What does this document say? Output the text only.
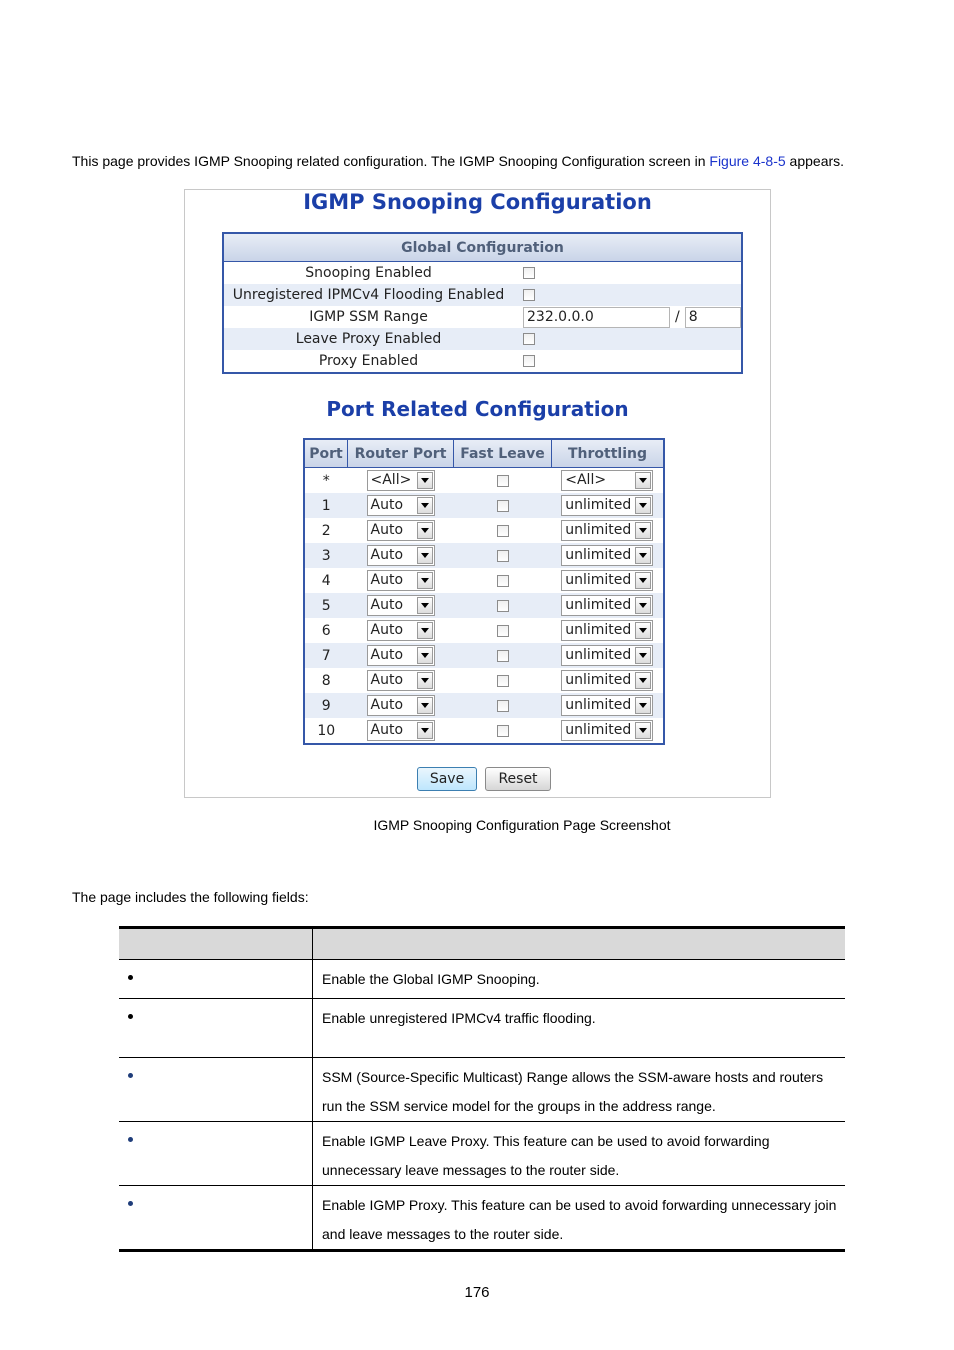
This page provides IGMP Snooping related configuration. The IGMP Snooping Configuration screen in Figure 4-8-5 appears.
IGMP Snooping Configuration
Global Configuration	
Snooping Enabled	
Unregistered IPMCv4 Flooding Enabled	
IGMP SSM Range	232.0.0.0 / 8
Leave Proxy Enabled	
Proxy Enabled	
Port Related Configuration
Port	Router Port	Fast Leave	Throttling
*	<All>		<All>

1	Auto		unlimited

2	Auto		unlimited

3	Auto		unlimited

4	Auto		unlimited

5	Auto		unlimited

6	Auto		unlimited

7	Auto		unlimited

8	Auto		unlimited

9	Auto		unlimited

10	Auto		unlimited
Save	Reset
IGMP Snooping Configuration Page Screenshot
The page includes the following fields:

	Enable the Global IGMP Snooping.
	Enable unregistered IPMCv4 traffic flooding.
	SSM (Source-Specific Multicast) Range allows the SSM-aware hosts and routers run the SSM service model for the groups in the address range.
	Enable IGMP Leave Proxy. This feature can be used to avoid forwarding unnecessary leave messages to the router side.
	Enable IGMP Proxy. This feature can be used to avoid forwarding unnecessary join and leave messages to the router side.
176
